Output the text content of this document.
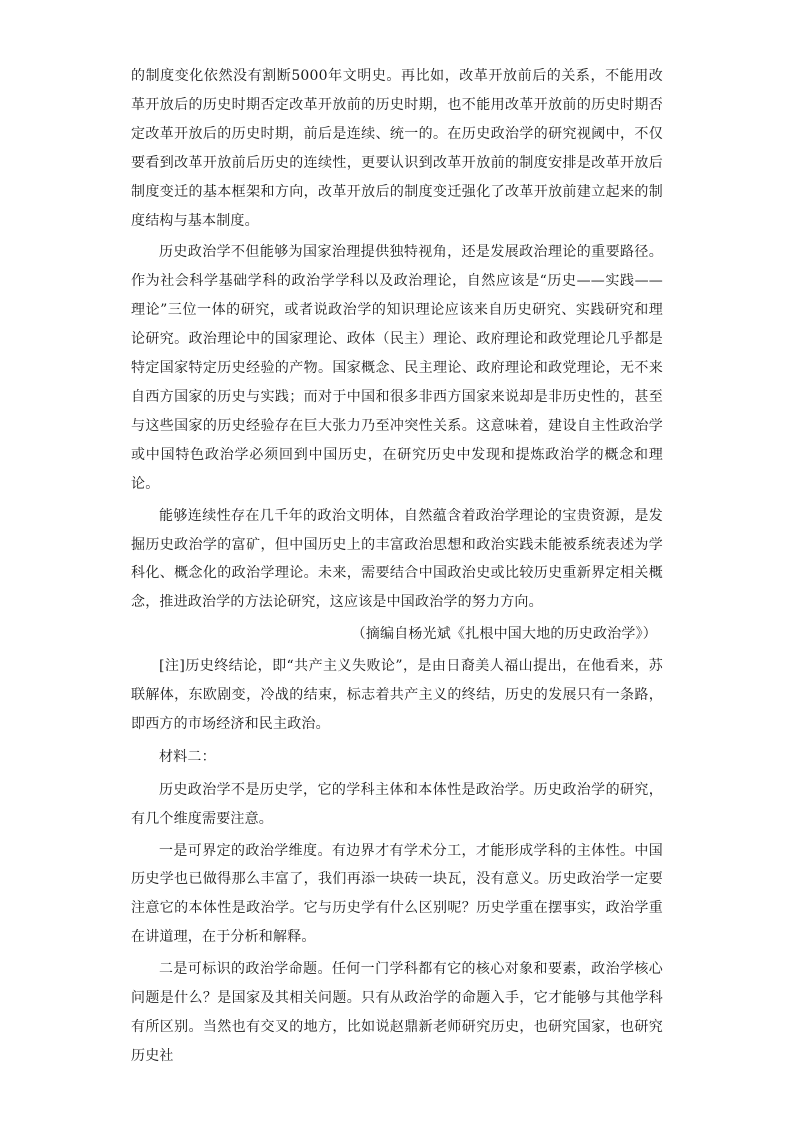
的制度变化依然没有割断5000年文明史。再比如，改革开放前后的关系，不能用改革开放后的历史时期否定改革开放前的历史时期，也不能用改革开放前的历史时期否定改革开放后的历史时期，前后是连续、统一的。在历史政治学的研究视阈中，不仅要看到改革开放前后历史的连续性，更要认识到改革开放前的制度安排是改革开放后制度变迁的基本框架和方向，改革开放后的制度变迁强化了改革开放前建立起来的制度结构与基本制度。

历史政治学不但能够为国家治理提供独特视角，还是发展政治理论的重要路径。作为社会科学基础学科的政治学学科以及政治理论，自然应该是“历史——实践——理论”三位一体的研究，或者说政治学的知识理论应该来自历史研究、实践研究和理论研究。政治理论中的国家理论、政体（民主）理论、政府理论和政党理论几乎都是特定国家特定历史经验的产物。国家概念、民主理论、政府理论和政党理论，无不来自西方国家的历史与实践；而对于中国和很多非西方国家来说却是非历史性的，甚至与这些国家的历史经验存在巨大张力乃至冲突性关系。这意味着，建设自主性政治学或中国特色政治学必须回到中国历史，在研究历史中发现和提炼政治学的概念和理论。

能够连续性存在几千年的政治文明体，自然蕴含着政治学理论的宝贵资源，是发掘历史政治学的富矿，但中国历史上的丰富政治思想和政治实践未能被系统表述为学科化、概念化的政治学理论。未来，需要结合中国政治史或比较历史重新界定相关概念，推进政治学的方法论研究，这应该是中国政治学的努力方向。

（摘编自杨光斌《扎根中国大地的历史政治学》）

[注]历史终结论，即“共产主义失败论”，是由日裔美人福山提出，在他看来，苏联解体，东欧剧变，冷战的结束，标志着共产主义的终结，历史的发展只有一条路，即西方的市场经济和民主政治。

材料二：

历史政治学不是历史学，它的学科主体和本体性是政治学。历史政治学的研究，有几个维度需要注意。

一是可界定的政治学维度。有边界才有学术分工，才能形成学科的主体性。中国历史学也已做得那么丰富了，我们再添一块砖一块瓦，没有意义。历史政治学一定要注意它的本体性是政治学。它与历史学有什么区别呢？历史学重在摆事实，政治学重在讲道理，在于分析和解释。

二是可标识的政治学命题。任何一门学科都有它的核心对象和要素，政治学核心问题是什么？是国家及其相关问题。只有从政治学的命题入手，它才能够与其他学科有所区别。当然也有交叉的地方，比如说赵鼎新老师研究历史，也研究国家，也研究历史社
